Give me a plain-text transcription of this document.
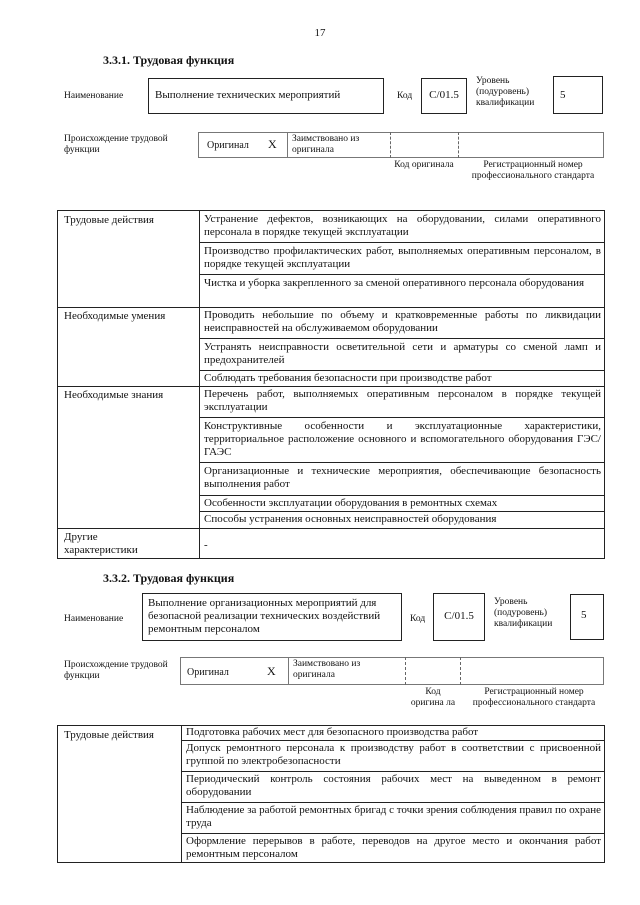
17
3.3.1. Трудовая функция
Наименование	Выполнение технических мероприятий	Код	C/01.5
Уровень (подуровень) квалификации
5
Происхождение трудовой функции	Оригинал X Заимствовано из оригинала
Код оригинала	Регистрационный номер профессионального стандарта
Трудовые действия	Устранение дефектов, возникающих на оборудовании, силами оперативного персонала в порядке текущей эксплуатации
Производство профилактических работ, выполняемых оперативным персоналом, в порядке текущей эксплуатации
Чистка и уборка закрепленного за сменой оперативного персонала оборудования
Необходимые умения	Проводить небольшие по объему и кратковременные работы по ликвидации неисправностей на обслуживаемом оборудовании
Устранять неисправности осветительной сети и арматуры со сменой ламп и предохранителей
Соблюдать требования безопасности при производстве работ
Необходимые знания	Перечень работ, выполняемых оперативным персоналом в порядке текущей эксплуатации
Конструктивные особенности и эксплуатационные характеристики, территориальное расположение основного и вспомогательного оборудования ГЭС/ГАЭС
Организационные и технические мероприятия, обеспечивающие безопасность выполнения работ
Особенности эксплуатации оборудования в ремонтных схемах
Способы устранения основных неисправностей оборудования
Другие характеристики	-
3.3.2. Трудовая функция
Наименование
Выполнение организационных мероприятий для безопасной реализации технических воздействий ремонтным персоналом
Код	C/01.5
Уровень (подуровень) квалификации
5
Происхождение трудовой функции	Оригинал	X Заимствовано из оригинала
Код оригина ла
Регистрационный номер профессионального стандарта
Трудовые действия	Подготовка рабочих мест для безопасного производства работ
Допуск ремонтного персонала к производству работ в соответствии с присвоенной группой по электробезопасности
Периодический контроль состояния рабочих мест на выведенном в ремонт оборудовании
Наблюдение за работой ремонтных бригад с точки зрения соблюдения правил по охране труда
Оформление перерывов в работе, переводов на другое место и окончания работ ремонтным персоналом
